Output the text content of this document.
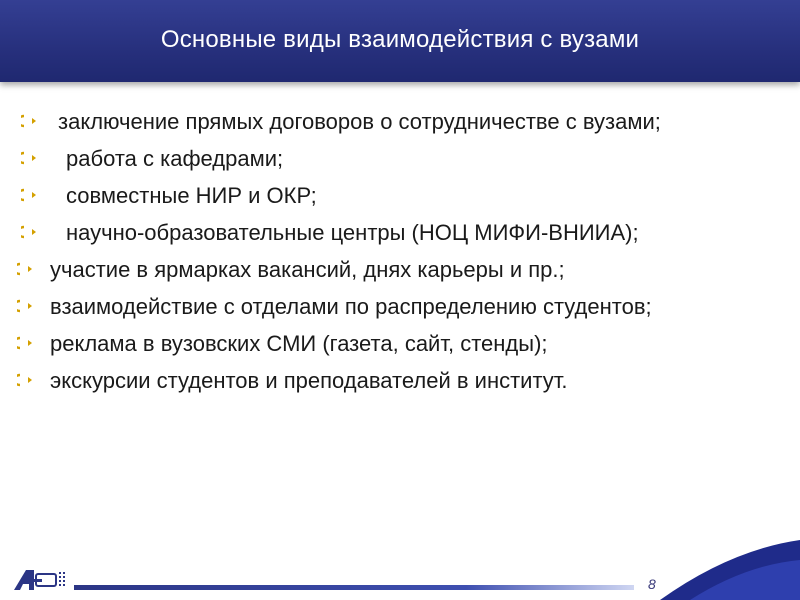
Основные виды взаимодействия с вузами
заключение прямых договоров о сотрудничестве с вузами;
работа с кафедрами;
совместные НИР и ОКР;
научно-образовательные центры (НОЦ МИФИ-ВНИИА);
участие в ярмарках вакансий, днях карьеры и пр.;
взаимодействие с отделами по распределению студентов;
реклама в вузовских СМИ (газета, сайт, стенды);
экскурсии студентов и преподавателей в институт.
8
